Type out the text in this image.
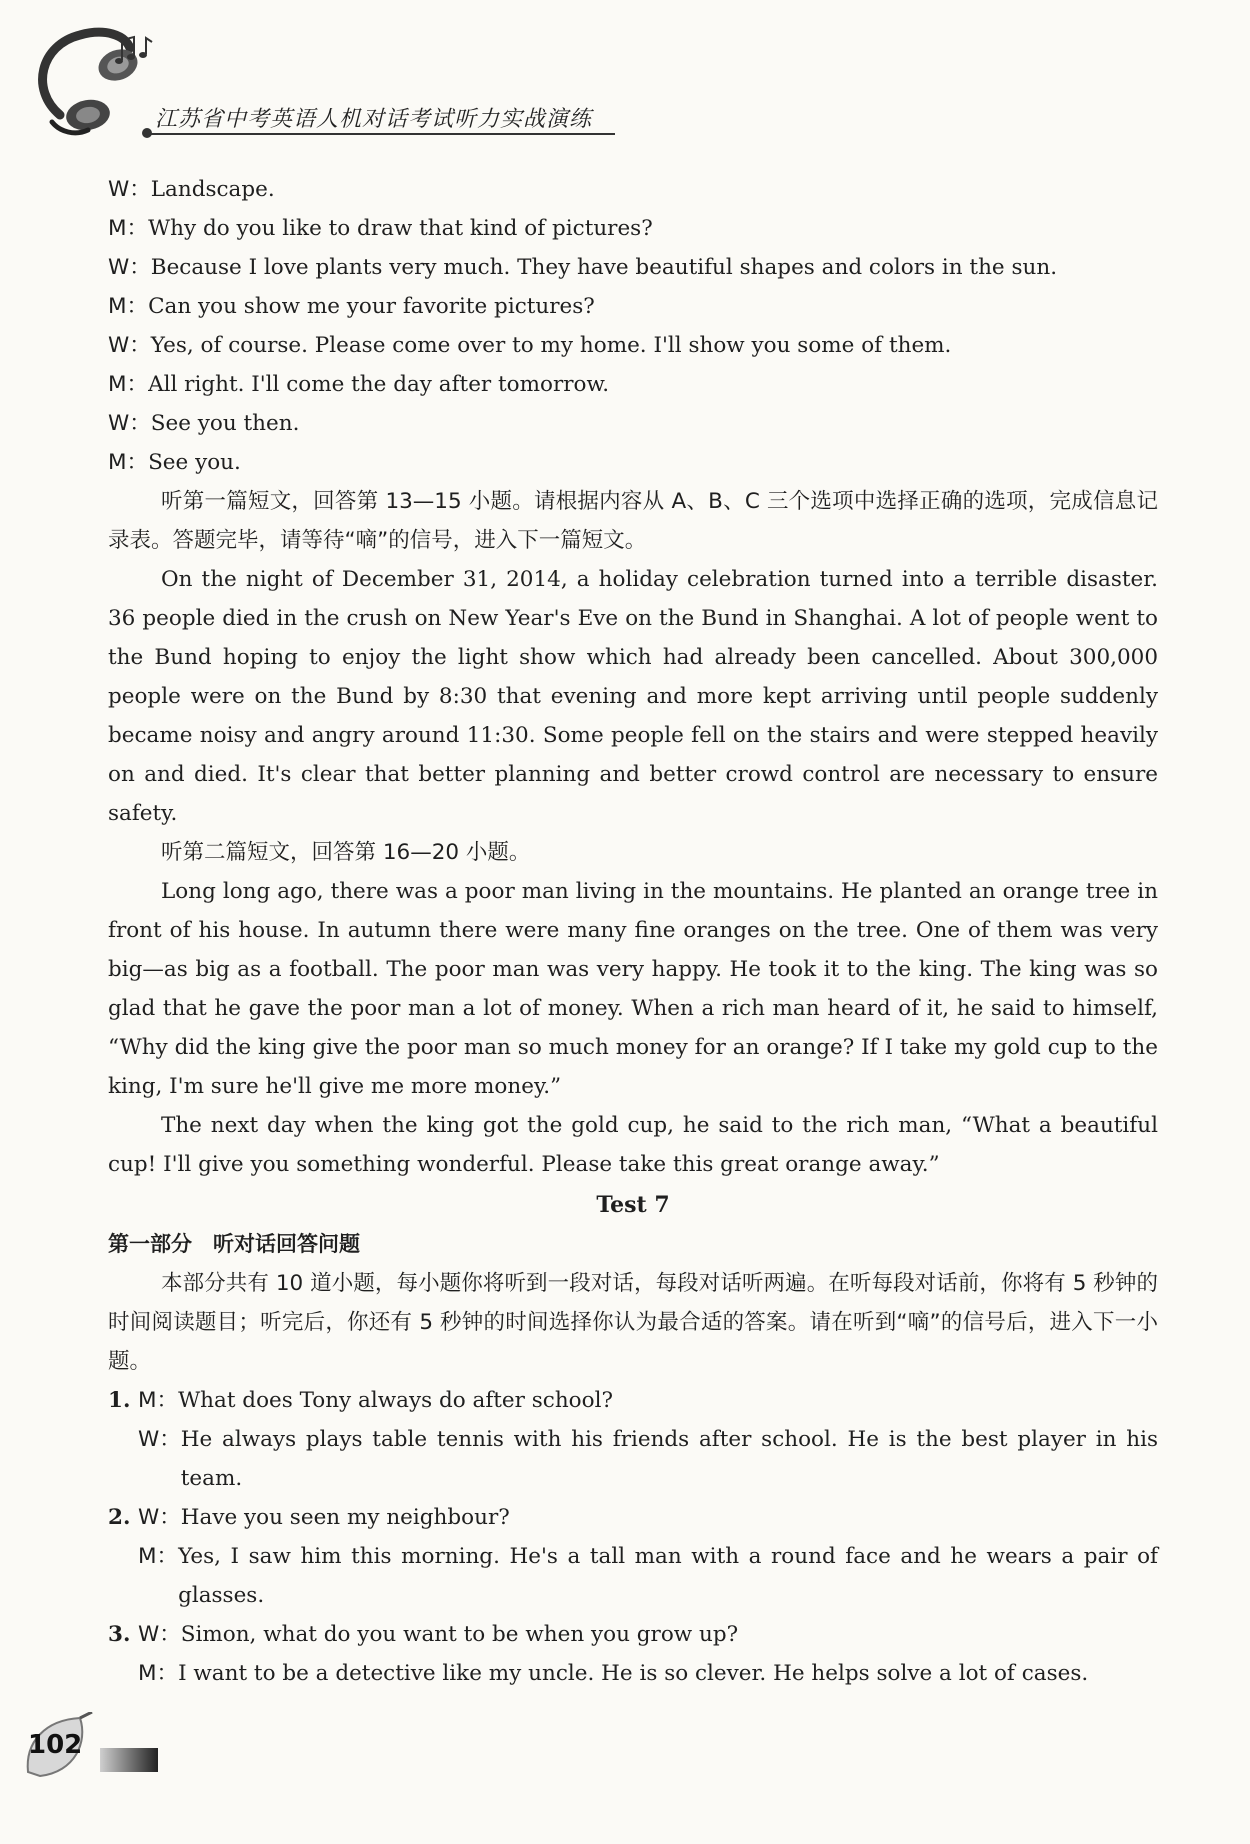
江苏省中考英语人机对话考试听力实战演练
W： Landscape.
M： Why do you like to draw that kind of pictures?
W： Because I love plants very much. They have beautiful shapes and colors in the sun.
M： Can you show me your favorite pictures?
W： Yes, of course. Please come over to my home. I'll show you some of them.
M： All right. I'll come the day after tomorrow.
W： See you then.
M： See you.
听第一篇短文，回答第 13—15 小题。请根据内容从 A、B、C 三个选项中选择正确的选项，完成信息记录表。答题完毕，请等待“嘀”的信号，进入下一篇短文。
On the night of December 31, 2014, a holiday celebration turned into a terrible disaster. 36 people died in the crush on New Year's Eve on the Bund in Shanghai. A lot of people went to the Bund hoping to enjoy the light show which had already been cancelled. About 300,000 people were on the Bund by 8:30 that evening and more kept arriving until people suddenly became noisy and angry around 11:30. Some people fell on the stairs and were stepped heavily on and died. It's clear that better planning and better crowd control are necessary to ensure safety.
听第二篇短文，回答第 16—20 小题。
Long long ago, there was a poor man living in the mountains. He planted an orange tree in front of his house. In autumn there were many fine oranges on the tree. One of them was very big—as big as a football. The poor man was very happy. He took it to the king. The king was so glad that he gave the poor man a lot of money. When a rich man heard of it, he said to himself, “Why did the king give the poor man so much money for an orange? If I take my gold cup to the king, I'm sure he'll give me more money.”
The next day when the king got the gold cup, he said to the rich man, “What a beautiful cup! I'll give you something wonderful. Please take this great orange away.”
Test 7
第一部分　听对话回答问题
本部分共有 10 道小题，每小题你将听到一段对话，每段对话听两遍。在听每段对话前，你将有 5 秒钟的时间阅读题目；听完后，你还有 5 秒钟的时间选择你认为最合适的答案。请在听到“嘀”的信号后，进入下一小题。
1. M： What does Tony always do after school?
W： He always plays table tennis with his friends after school. He is the best player in his team.
2. W： Have you seen my neighbour?
M： Yes, I saw him this morning. He's a tall man with a round face and he wears a pair of glasses.
3. W： Simon, what do you want to be when you grow up?
M： I want to be a detective like my uncle. He is so clever. He helps solve a lot of cases.
102
